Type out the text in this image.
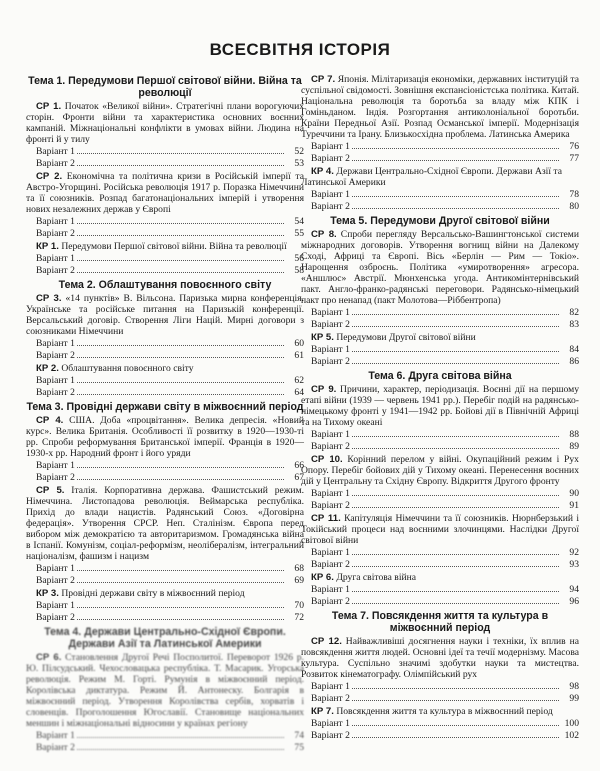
ВСЕСВІТНЯ ІСТОРІЯ
Тема 1. Передумови Першої світової війни. Війна та революції
СР 1. Початок «Великої війни». Стратегічні плани ворогуючих сторін. Фронти війни та характеристика основних воєнних кампаній. Міжнаціональні конфлікти в умовах війни. Людина на фронті й у тилу
Варіант 1	52
Варіант 2	53
СР 2. Економічна та політична кризи в Російській імперії та Австро-Угорщині. Російська революція 1917 р. Поразка Німеччини та її союзників. Розпад багатонаціональних імперій і утворення нових незалежних держав у Європі
Варіант 1	54
Варіант 2	55
КР 1. Передумови Першої світової війни. Війна та революції
Варіант 1	56
Варіант 2	58
Тема 2. Облаштування повоєнного світу
СР 3. «14 пунктів» В. Вільсона. Паризька мирна конференція. Українське та російське питання на Паризькій конференції. Версальський договір. Створення Ліги Націй. Мирні договори з союзниками Німеччини
Варіант 1	60
Варіант 2	61
КР 2. Облаштування повоєнного світу
Варіант 1	62
Варіант 2	64
Тема 3. Провідні держави світу в міжвоєнний період
СР 4. США. Доба «процвітання». Велика депресія. «Новий курс». Велика Британія. Особливості її розвитку в 1920—1930-ті рр. Спроби реформування Британської імперії. Франція в 1920—1930-х рр. Народний фронт і його уряди
Варіант 1	66
Варіант 2	67
СР 5. Італія. Корпоративна держава. Фашистський режим. Німеччина. Листопадова революція. Веймарська республіка. Прихід до влади нацистів. Радянський Союз. «Договірна федерація». Утворення СРСР. Неп. Сталінізм. Європа перед вибором між демократією та авторитаризмом. Громадянська війна в Іспанії. Комунізм, соціал-реформізм, неолібералізм, інтегральний націоналізм, фашизм і нацизм
Варіант 1	68
Варіант 2	69
КР 3. Провідні держави світу в міжвоєнний період
Варіант 1	70
Варіант 2	72
Тема 4. Держави Центрально-Східної Європи. Держави Азії та Латинської Америки
СР 6. Становлення Другої Речі Посполитої. Переворот 1926 р. Ю. Пілсудський. Чехословацька республіка. Т. Масарик. Угорська революція. Режим М. Горті. Румунія в міжвоєнний період. Королівська диктатура. Режим Й. Антонеску. Болгарія в міжвоєнний період. Утворення Королівства сербів, хорватів і словенців. Проголошення Югославії. Становище національних меншин і міжнаціональні відносини у країнах регіону
Варіант 1	74
Варіант 2	75
СР 7. Японія. Мілітаризація економіки, державних інституцій та суспільної свідомості. Зовнішня експансіоністська політика. Китай. Національна революція та боротьба за владу між КПК і Гоміньданом. Індія. Розгортання антиколоніальної боротьби. Країни Передньої Азії. Розпад Османської імперії. Модернізація Туреччини та Ірану. Близькосхідна проблема. Латинська Америка
Варіант 1	76
Варіант 2	77
КР 4. Держави Центрально-Східної Європи. Держави Азії та Латинської Америки
Варіант 1	78
Варіант 2	80
Тема 5. Передумови Другої світової війни
СР 8. Спроби перегляду Версальсько-Вашингтонської системи міжнародних договорів. Утворення вогнищ війни на Далекому Сході, Африці та Європі. Вісь «Берлін — Рим — Токіо». Нарощення озброєнь. Політика «умиротворення» агресора. «Аншлюс» Австрії. Мюнхенська угода. Антикомінтернівський пакт. Англо-франко-радянські переговори. Радянсько-німецький пакт про ненапад (пакт Молотова—Ріббентропа)
Варіант 1	82
Варіант 2	83
КР 5. Передумови Другої світової війни
Варіант 1	84
Варіант 2	86
Тема 6. Друга світова війна
СР 9. Причини, характер, періодизація. Воєнні дії на першому етапі війни (1939 — червень 1941 рр.). Перебіг подій на радянсько-німецькому фронті у 1941—1942 рр. Бойові дії в Північній Африці та на Тихому океані
Варіант 1	88
Варіант 2	89
СР 10. Корінний перелом у війні. Окупаційний режим і Рух Опору. Перебіг бойових дій у Тихому океані. Перенесення воєнних дій у Центральну та Східну Європу. Відкриття Другого фронту
Варіант 1	90
Варіант 2	91
СР 11. Капітуляція Німеччини та її союзників. Нюрнберзький і Токійський процеси над воєнними злочинцями. Наслідки Другої світової війни
Варіант 1	92
Варіант 2	93
КР 6. Друга світова війна
Варіант 1	94
Варіант 2	96
Тема 7. Повсякдення життя та культура в міжвоєнний період
СР 12. Найважливіші досягнення науки і техніки, їх вплив на повсякдення життя людей. Основні ідеї та течії модернізму. Масова культура. Суспільно значимі здобутки науки та мистецтва. Розвиток кінематографу. Олімпійський рух
Варіант 1	98
Варіант 2	99
КР 7. Повсякдення життя та культура в міжвоєнний період
Варіант 1	100
Варіант 2	102
